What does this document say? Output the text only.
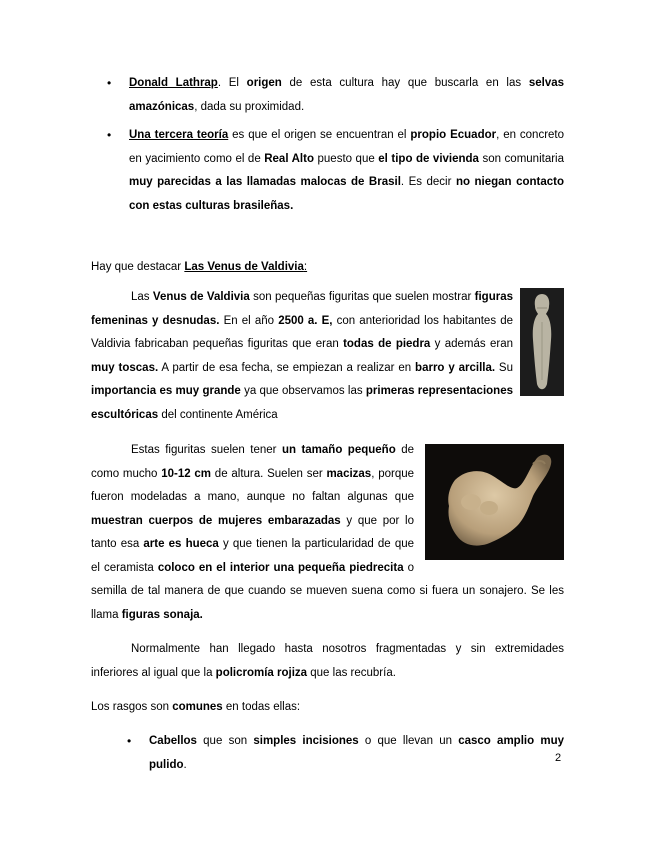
• Donald Lathrap. El origen de esta cultura hay que buscarla en las selvas amazónicas, dada su proximidad.
• Una tercera teoría es que el origen se encuentran el propio Ecuador, en concreto en yacimiento como el de Real Alto puesto que el tipo de vivienda son comunitaria muy parecidas a las llamadas malocas de Brasil. Es decir no niegan contacto con estas culturas brasileñas.
Hay que destacar Las Venus de Valdivia:
Las Venus de Valdivia son pequeñas figuritas que suelen mostrar figuras femeninas y desnudas. En el año 2500 a. E, con anterioridad los habitantes de Valdivia fabricaban pequeñas figuritas que eran todas de piedra y además eran muy toscas. A partir de esa fecha, se empiezan a realizar en barro y arcilla. Su importancia es muy grande ya que observamos las primeras representaciones escultóricas del continente América
Estas figuritas suelen tener un tamaño pequeño de
como mucho 10-12 cm de altura. Suelen ser macizas, porque
fueron modeladas a mano, aunque no faltan algunas que
muestran cuerpos de mujeres embarazadas y que por lo
tanto esa arte es hueca y que tienen la particularidad de que
el ceramista coloco en el interior una pequeña piedrecita o
semilla de tal manera de que cuando se mueven suena como si fuera un sonajero. Se les llama figuras sonaja.
Normalmente han llegado hasta nosotros fragmentadas y sin extremidades inferiores al igual que la policromía rojiza que las recubría.
Los rasgos son comunes en todas ellas:
• Cabellos que son simples incisiones o que llevan un casco amplio muy pulido.
2
